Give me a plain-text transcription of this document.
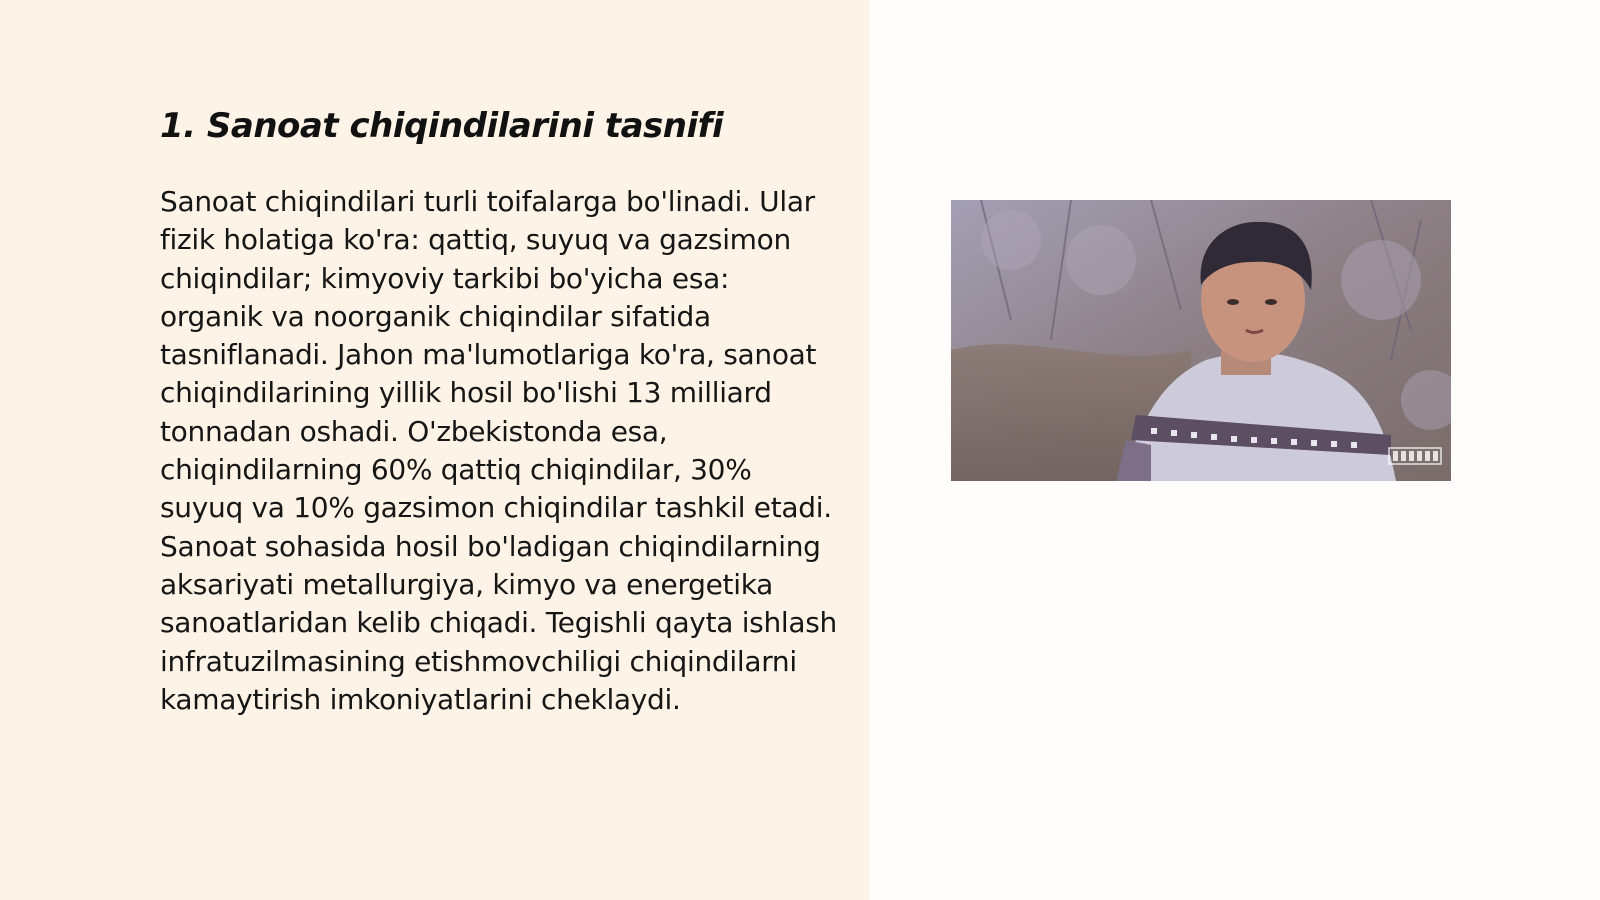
1. Sanoat chiqindilarini tasnifi

Sanoat chiqindilari turli toifalarga bo'linadi. Ular fizik holatiga ko'ra: qattiq, suyuq va gazsimon chiqindilar; kimyoviy tarkibi bo'yicha esa: organik va noorganik chiqindilar sifatida tasniflanadi. Jahon ma'lumotlariga ko'ra, sanoat chiqindilarining yillik hosil bo'lishi 13 milliard tonnadan oshadi. O'zbekistonda esa, chiqindilarning 60% qattiq chiqindilar, 30% suyuq va 10% gazsimon chiqindilar tashkil etadi. Sanoat sohasida hosil bo'ladigan chiqindilarning aksariyati metallurgiya, kimyo va energetika sanoatlaridan kelib chiqadi. Tegishli qayta ishlash infratuzilmasining etishmovchiligi chiqindilarni kamaytirish imkoniyatlarini cheklaydi.
